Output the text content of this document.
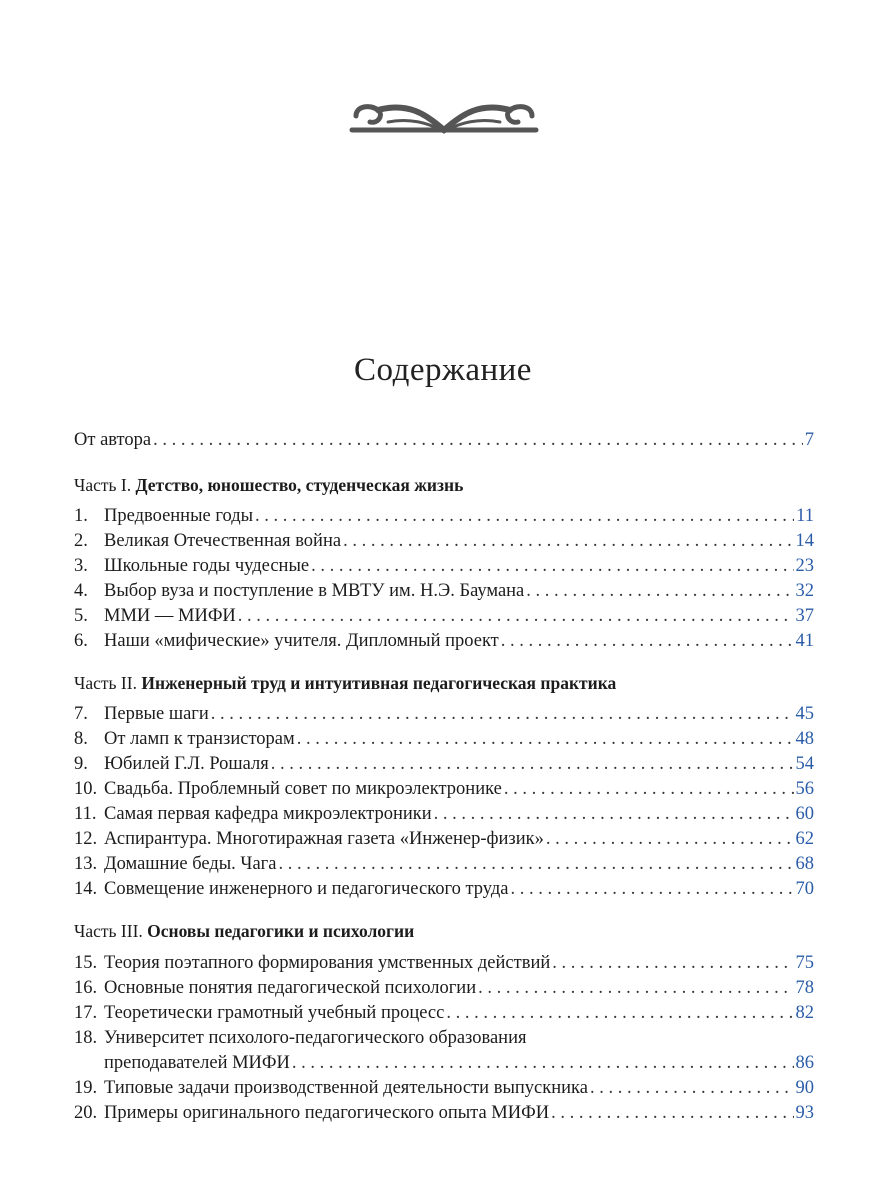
Содержание
От автора . . .	7
Часть I. Детство, юношество, студенческая жизнь
1. Предвоенные годы . . .	11
2. Великая Отечественная война . . .	14
3. Школьные годы чудесные . . .	23
4. Выбор вуза и поступление в МВТУ им. Н.Э. Баумана . . .	32
5. ММИ — МИФИ . . .	37
6. Наши «мифические» учителя. Дипломный проект . . .	41
Часть II. Инженерный труд и интуитивная педагогическая практика
7. Первые шаги . . .	45
8. От ламп к транзисторам . . .	48
9. Юбилей Г.Л. Рошаля . . .	54
10. Свадьба. Проблемный совет по микроэлектронике . . .	56
11. Самая первая кафедра микроэлектроники . . .	60
12. Аспирантура. Многотиражная газета «Инженер-физик» . . .	62
13. Домашние беды. Чага . . .	68
14. Совмещение инженерного и педагогического труда . . .	70
Часть III. Основы педагогики и психологии
15. Теория поэтапного формирования умственных действий . . .	75
16. Основные понятия педагогической психологии . . .	78
17. Теоретически грамотный учебный процесс . . .	82
18. Университет психолого-педагогического образования
преподавателей МИФИ . . .	86
19. Типовые задачи производственной деятельности выпускника . . .	90
20. Примеры оригинального педагогического опыта МИФИ . . .	93
